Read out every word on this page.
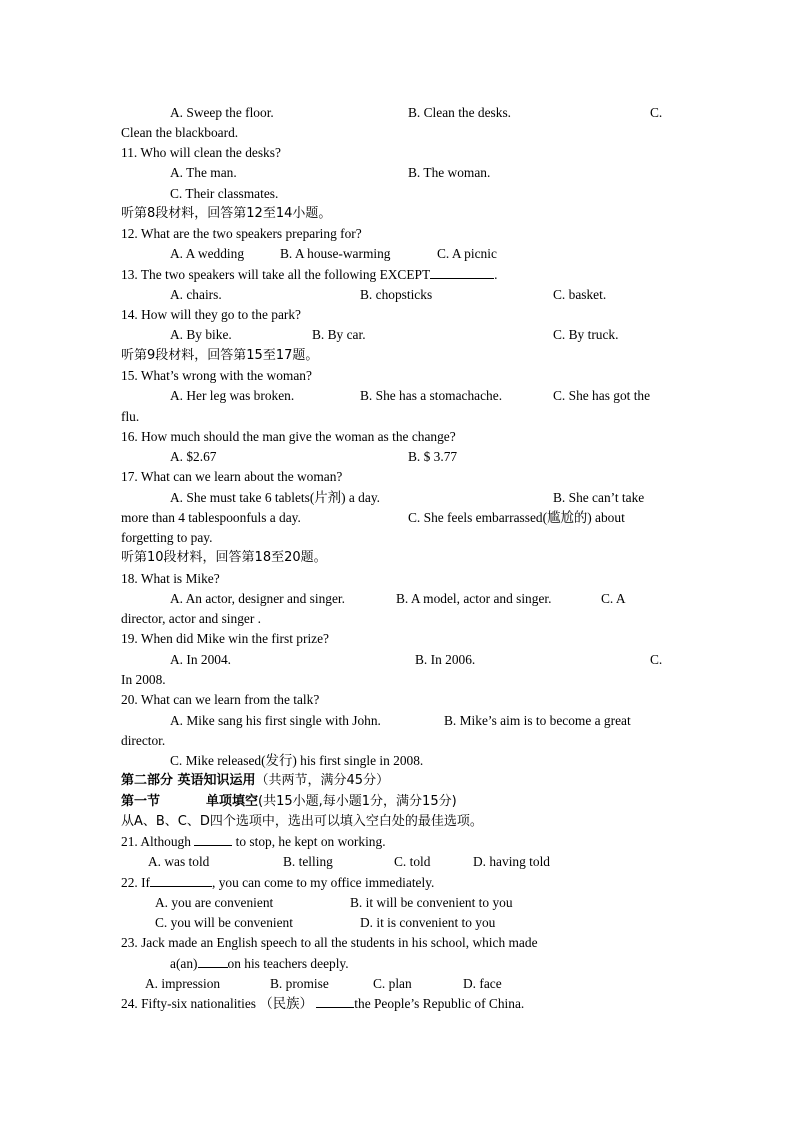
A. Sweep the floor.	B. Clean the desks.	C.
Clean the blackboard.
11. Who will clean the desks?
A. The man.	B. The woman.
C. Their classmates.
听第8段材料，回答第12至14小题。
12. What are the two speakers preparing for?
A. A wedding	B. A house-warming	C. A picnic
13. The two speakers will take all the following EXCEPT	.
A. chairs.	B. chopsticks	C. basket.
14. How will they go to the park?
A. By bike.	B. By car.	C. By truck.
听第9段材料，回答第15至17题。
15. What’s wrong with the woman?
A. Her leg was broken.	B. She has a stomachache.	C. She has got the
flu.
16. How much should the man give the woman as the change?
A. $2.67	B. $ 3.77
17. What can we learn about the woman?
A. She must take 6 tablets(片剂) a day.	B. She can’t take
more than 4 tablespoonfuls a day.	C. She feels embarrassed(尴尬的) about
forgetting to pay.
听第10段材料，回答第18至20题。
18. What is Mike?
A. An actor, designer and singer.	B. A model, actor and singer.	C. A
director, actor and singer .
19. When did Mike win the first prize?
A. In 2004.	B. In 2006.	C.
In 2008.
20. What can we learn from the talk?
A. Mike sang his first single with John.	B. Mike’s aim is to become a great
director.
C. Mike released(发行) his first single in 2008.
第二部分 英语知识运用（共两节，满分45分）
第一节	单项填空(共15小题,每小题1分，满分15分)
从A、B、C、D四个选项中，选出可以填入空白处的最佳选项。
21. Although	to stop, he kept on working.
A. was told	B. telling	C. told	D. having told
22. If	, you can come to my office immediately.
A. you are convenient	B. it will be convenient to you
C. you will be convenient	D. it is convenient to you
23. Jack made an English speech to all the students in his school, which made
a(an) on his teachers deeply.
A. impression	B. promise	C. plan	D. face
24. Fifty-six nationalities （民族）	the People’s Republic of China.
